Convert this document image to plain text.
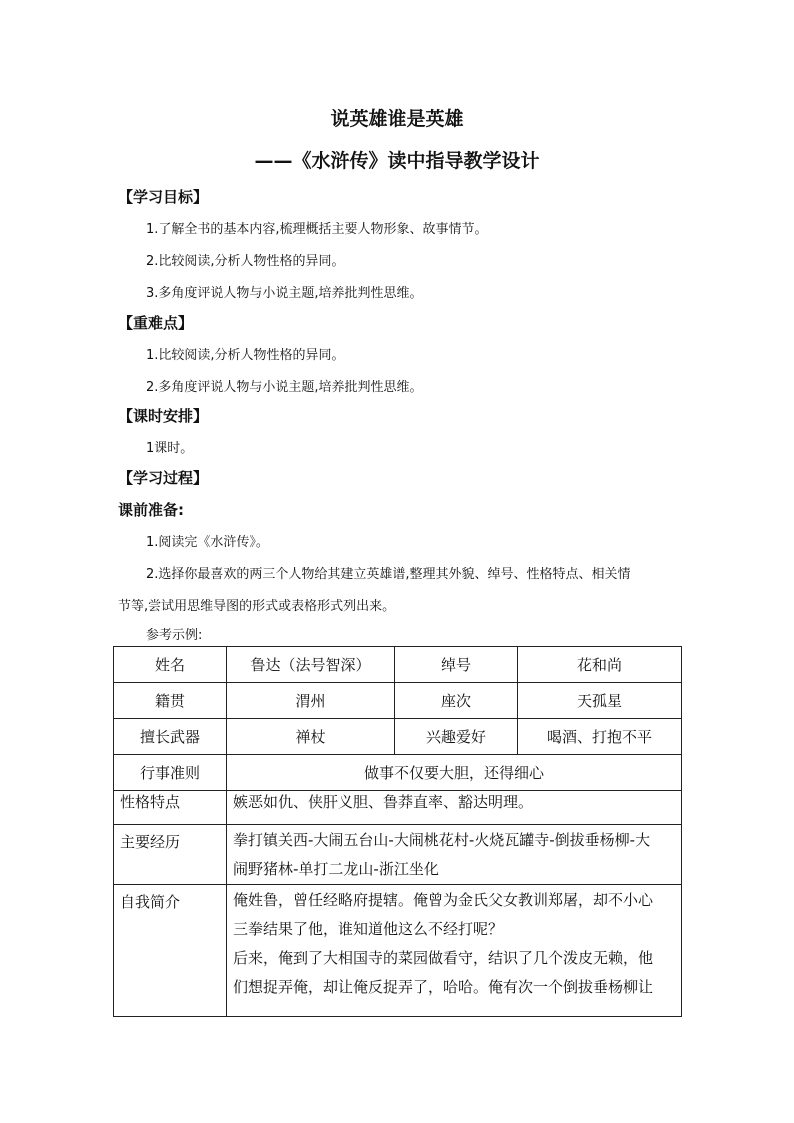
说英雄谁是英雄
——《水浒传》读中指导教学设计
【学习目标】
1.了解全书的基本内容,梳理概括主要人物形象、故事情节。
2.比较阅读,分析人物性格的异同。
3.多角度评说人物与小说主题,培养批判性思维。
【重难点】
1.比较阅读,分析人物性格的异同。
2.多角度评说人物与小说主题,培养批判性思维。
【课时安排】
1课时。
【学习过程】
课前准备:
1.阅读完《水浒传》。
2.选择你最喜欢的两三个人物给其建立英雄谱,整理其外貌、绰号、性格特点、相关情
节等,尝试用思维导图的形式或表格形式列出来。
参考示例:
姓名	鲁达（法号智深）	绰号	花和尚
籍贯	渭州	座次	天孤星
擅长武器	禅杖	兴趣爱好	喝酒、打抱不平
行事准则	做事不仅要大胆，还得细心		
性格特点	嫉恶如仇、侠肝义胆、鲁莽直率、豁达明理。		
主要经历	拳打镇关西-大闹五台山-大闹桃花村-火烧瓦罐寺-倒拔垂杨柳-大
闹野猪林-单打二龙山-浙江坐化		

自我简介	俺姓鲁，曾任经略府提辖。俺曾为金氏父女教训郑屠，却不小心
三拳结果了他，谁知道他这么不经打呢？
后来，俺到了大相国寺的菜园做看守，结识了几个泼皮无赖，他
们想捉弄俺，却让俺反捉弄了，哈哈。俺有次一个倒拔垂杨柳让		
